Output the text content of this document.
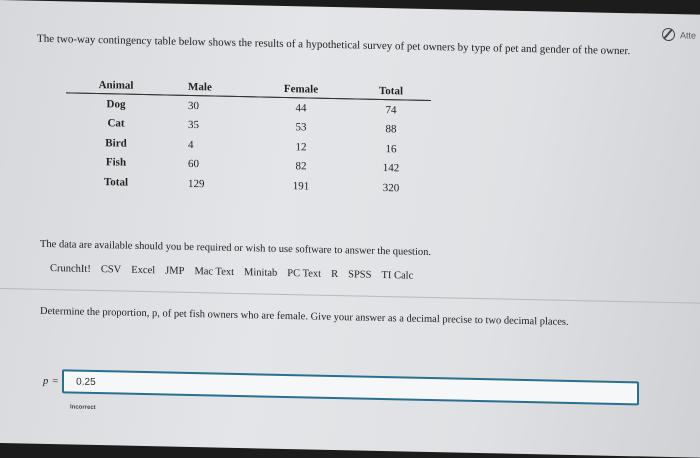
Atte
The two-way contingency table below shows the results of a hypothetical survey of pet owners by type of pet and gender of the owner.
Animal	Male	Female	Total
Dog	30	44	74
Cat	35	53	88
Bird	4	12	16
Fish	60	82	142
Total	129	191	320
The data are available should you be required or wish to use software to answer the question.
CrunchIt! CSV Excel JMP Mac Text Minitab PC Text R SPSS TI Calc
Determine the proportion, p, of pet fish owners who are female. Give your answer as a decimal precise to two decimal places.
p = 0.25
Incorrect
